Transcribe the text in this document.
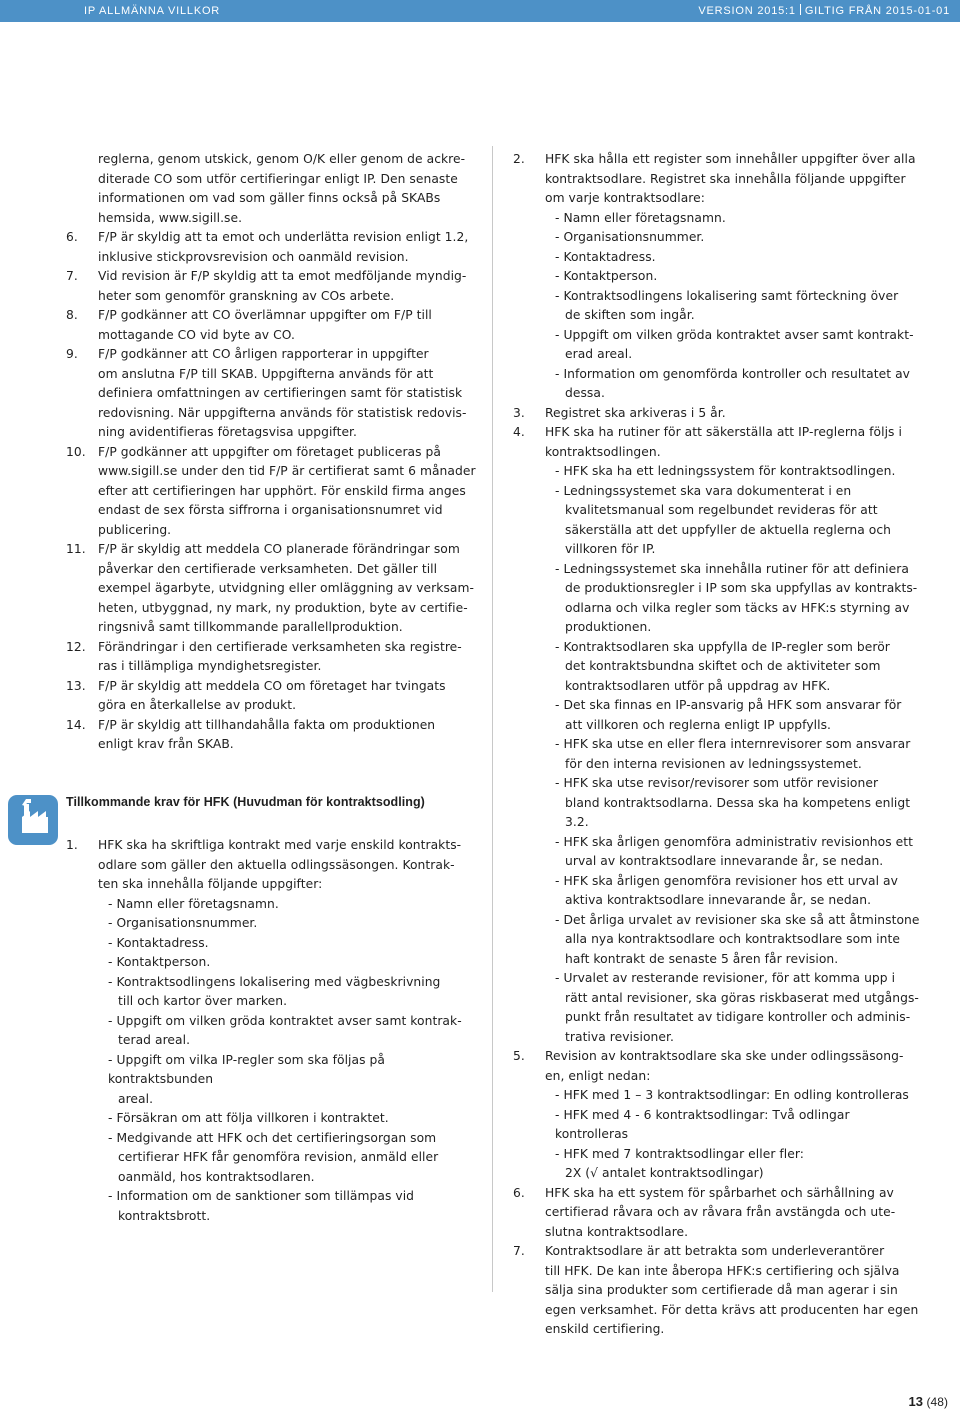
IP ALLMÄNNA VILLKOR	VERSION 2015:1 GILTIG FRÅN 2015-01-01
reglerna, genom utskick, genom O/K eller genom de ackre-
diterade CO som utför certifieringar enligt IP. Den senaste
informationen om vad som gäller finns också på SKABs
hemsida, www.sigill.se.
6.	F/P är skyldig att ta emot och underlätta revision enligt 1.2,
inklusive stickprovsrevision och oanmäld revision.
7.	Vid revision är F/P skyldig att ta emot medföljande myndig-
heter som genomför granskning av COs arbete.
8.	F/P godkänner att CO överlämnar uppgifter om F/P till
mottagande CO vid byte av CO.
9.	F/P godkänner att CO årligen rapporterar in uppgifter
om anslutna F/P till SKAB. Uppgifterna används för att
definiera omfattningen av certifieringen samt för statistisk
redovisning. När uppgifterna används för statistisk redovis-
ning avidentifieras företagsvisa uppgifter.
10. F/P godkänner att uppgifter om företaget publiceras på
www.sigill.se under den tid F/P är certifierat samt 6 månader
efter att certifieringen har upphört. För enskild firma anges
endast de sex första siffrorna i organisationsnumret vid
publicering.
11. F/P är skyldig att meddela CO planerade förändringar som
påverkar den certifierade verksamheten. Det gäller till
exempel ägarbyte, utvidgning eller omläggning av verksam-
heten, utbyggnad, ny mark, ny produktion, byte av certifie-
ringsnivå samt tillkommande parallellproduktion.
12. Förändringar i den certifierade verksamheten ska registre-
ras i tillämpliga myndighetsregister.
13. F/P är skyldig att meddela CO om företaget har tvingats
göra en återkallelse av produkt.
14. F/P är skyldig att tillhandahålla fakta om produktionen
enligt krav från SKAB.
Tillkommande krav för HFK (Huvudman för kontraktsodling)
1.	HFK ska ha skriftliga kontrakt med varje enskild kontrakts-
odlare som gäller den aktuella odlingssäsongen. Kontrak-
ten ska innehålla följande uppgifter:
- Namn eller företagsnamn.
- Organisationsnummer.
- Kontaktadress.
- Kontaktperson.
- Kontraktsodlingens lokalisering med vägbeskrivning
till och kartor över marken.
- Uppgift om vilken gröda kontraktet avser samt kontrak-
terad areal.
- Uppgift om vilka IP-regler som ska följas på kontraktsbunden
areal.
- Försäkran om att följa villkoren i kontraktet.
- Medgivande att HFK och det certifieringsorgan som
certifierar HFK får genomföra revision, anmäld eller
oanmäld, hos kontraktsodlaren.
- Information om de sanktioner som tillämpas vid
kontraktsbrott.
2.	HFK ska hålla ett register som innehåller uppgifter över alla
kontraktsodlare. Registret ska innehålla följande uppgifter
om varje kontraktsodlare:
- Namn eller företagsnamn.
- Organisationsnummer.
- Kontaktadress.
- Kontaktperson.
- Kontraktsodlingens lokalisering samt förteckning över
de skiften som ingår.
- Uppgift om vilken gröda kontraktet avser samt kontrakt-
erad areal.
- Information om genomförda kontroller och resultatet av
dessa.
3.	Registret ska arkiveras i 5 år.
4.	HFK ska ha rutiner för att säkerställa att IP-reglerna följs i
kontraktsodlingen.
- HFK ska ha ett ledningssystem för kontraktsodlingen.
- Ledningssystemet ska vara dokumenterat i en
kvalitetsmanual som regelbundet revideras för att
säkerställa att det uppfyller de aktuella reglerna och
villkoren för IP.
- Ledningssystemet ska innehålla rutiner för att definiera
de produktionsregler i IP som ska uppfyllas av kontrakts-
odlarna och vilka regler som täcks av HFK:s styrning av
produktionen.
- Kontraktsodlaren ska uppfylla de IP-regler som berör
det kontraktsbundna skiftet och de aktiviteter som
kontraktsodlaren utför på uppdrag av HFK.
- Det ska finnas en IP-ansvarig på HFK som ansvarar för
att villkoren och reglerna enligt IP uppfylls.
- HFK ska utse en eller flera internrevisorer som ansvarar
för den interna revisionen av ledningssystemet.
- HFK ska utse revisor/revisorer som utför revisioner
bland kontraktsodlarna. Dessa ska ha kompetens enligt 3.2.
- HFK ska årligen genomföra administrativ revisionhos ett
urval av kontraktsodlare innevarande år, se nedan.
- HFK ska årligen genomföra revisioner hos ett urval av
aktiva kontraktsodlare innevarande år, se nedan.
- Det årliga urvalet av revisioner ska ske så att åtminstone
alla nya kontraktsodlare och kontraktsodlare som inte
haft kontrakt de senaste 5 åren får revision.
- Urvalet av resterande revisioner, för att komma upp i
rätt antal revisioner, ska göras riskbaserat med utgångs-
punkt från resultatet av tidigare kontroller och adminis-
trativa revisioner.
5.	Revision av kontraktsodlare ska ske under odlingssäsong-
en, enligt nedan:
- HFK med 1 – 3 kontraktsodlingar: En odling kontrolleras
- HFK med 4 - 6 kontraktsodlingar: Två odlingar kontrolleras
- HFK med 7 kontraktsodlingar eller fler:
2X (√ antalet kontraktsodlingar)
6.	HFK ska ha ett system för spårbarhet och särhållning av
certifierad råvara och av råvara från avstängda och ute-
slutna kontraktsodlare.
7.	Kontraktsodlare är att betrakta som underleverantörer
till HFK. De kan inte åberopa HFK:s certifiering och själva
sälja sina produkter som certifierade då man agerar i sin
egen verksamhet. För detta krävs att producenten har egen
enskild certifiering.
13 (48)
